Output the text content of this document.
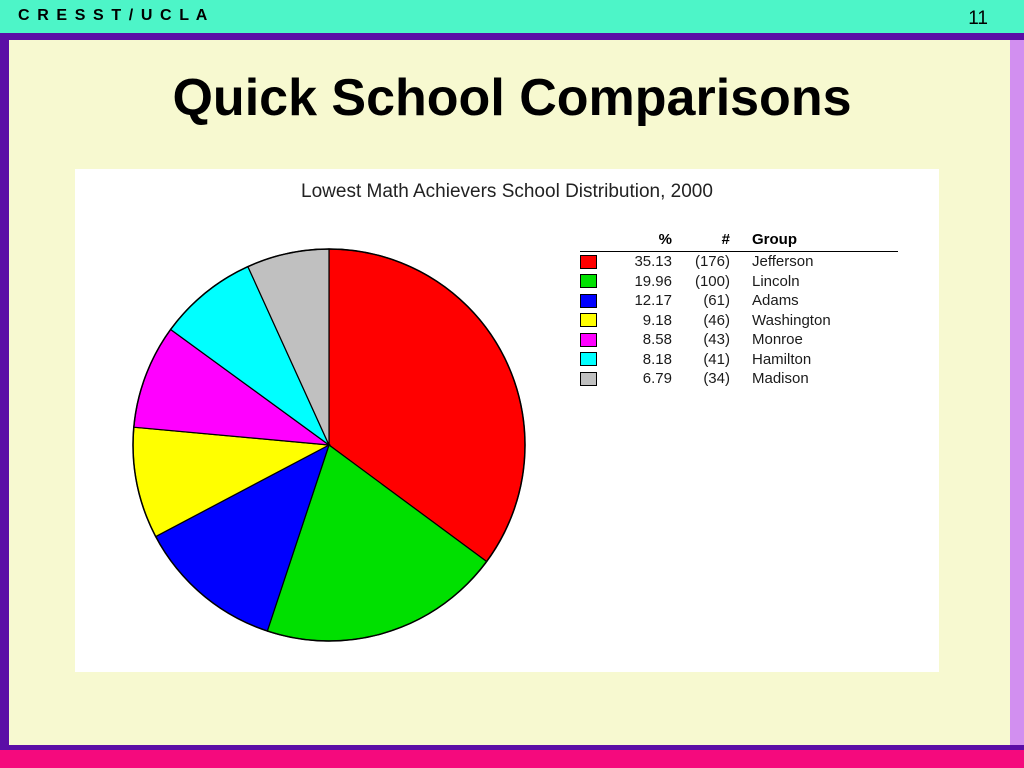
C R E S S T / U C L A	11
Quick School Comparisons
Lowest Math Achievers School Distribution, 2000
%	#	Group
35.13	(176)	Jefferson
19.96	(100)	Lincoln
12.17	(61)	Adams
9.18	(46)	Washington
8.58	(43)	Monroe
8.18	(41)	Hamilton
6.79	(34)	Madison
